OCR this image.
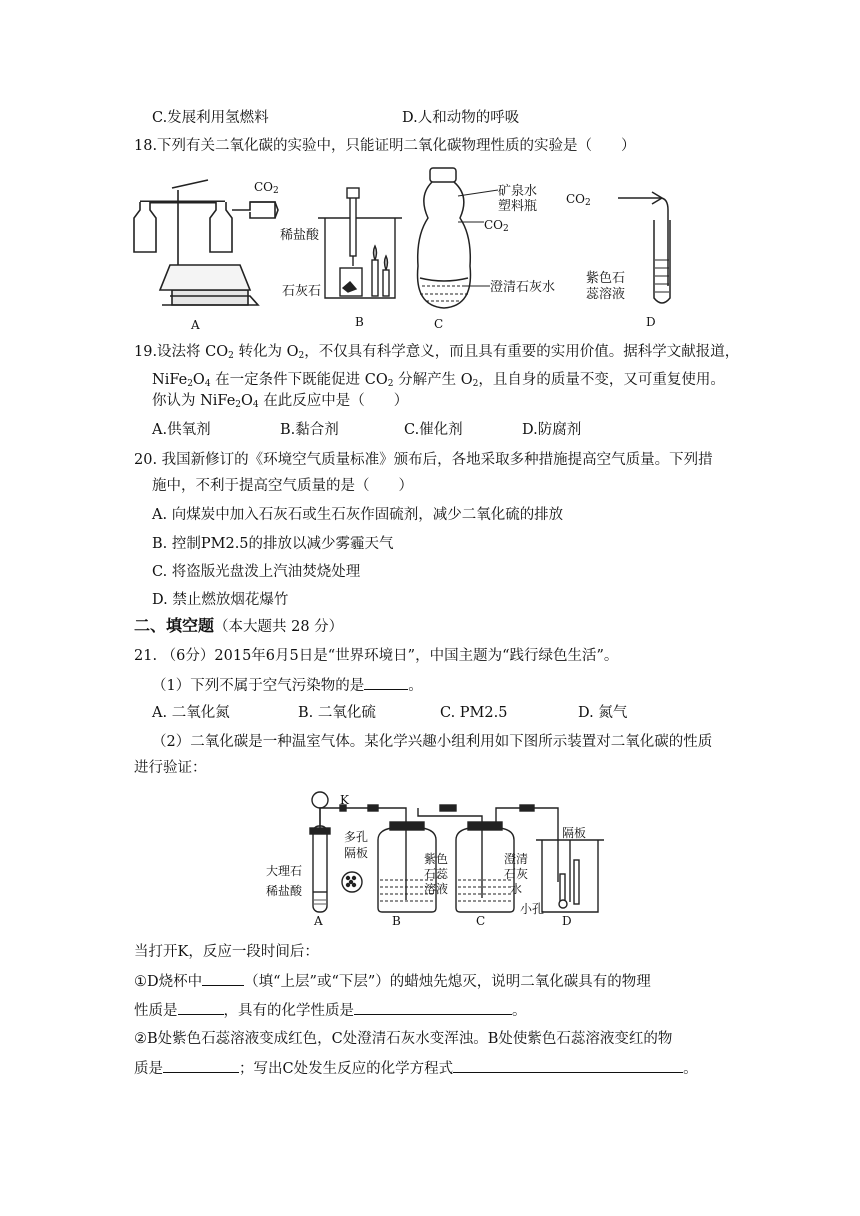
C.发展利用氢燃料	D.人和动物的呼吸
18.下列有关二氧化碳的实验中，只能证明二氧化碳物理性质的实验是（　　）
$CO_2$
A
稀盐酸
石灰石
B
矿泉水
塑料瓶
$CO_2$
澄清石灰水
C
$CO_2$
紫色石
蕊溶液
D
19.设法将 $CO_2$ 转化为 $O_2$，不仅具有科学意义，而且具有重要的实用价值。据科学文献报道，
$NiFe_2O_4$ 在一定条件下既能促进 $CO_2$ 分解产生 $O_2$，且自身的质量不变，又可重复使用。
你认为 $NiFe_2O_4$ 在此反应中是（　　）
A.供氧剂	B.黏合剂	C.催化剂	D.防腐剂
20. 我国新修订的《环境空气质量标准》颁布后，各地采取多种措施提高空气质量。下列措
施中，不利于提高空气质量的是（　　）
A. 向煤炭中加入石灰石或生石灰作固硫剂，减少二氧化硫的排放
B. 控制PM2.5的排放以减少雾霾天气
C. 将盗版光盘泼上汽油焚烧处理
D. 禁止燃放烟花爆竹
二、填空题（本大题共 28 分）
21. （6分）2015年6月5日是“世界环境日”，中国主题为“践行绿色生活”。
（1）下列不属于空气污染物的是	。
A. 二氧化氮	B. 二氧化硫	C. PM2.5	D. 氮气
（2）二氧化碳是一种温室气体。某化学兴趣小组利用如下图所示装置对二氧化碳的性质
进行验证：
K
多孔
隔板
大理石
稀盐酸
紫色
石蕊
溶液
澄清
石灰
水
隔板
小孔
A	B	C	D
当打开K，反应一段时间后：
①D烧杯中	（填“上层”或“下层”）的蜡烛先熄灭，说明二氧化碳具有的物理
性质是	，具有的化学性质是	。
②B处紫色石蕊溶液变成红色，C处澄清石灰水变浑浊。B处使紫色石蕊溶液变红的物
质是	；写出C处发生反应的化学方程式	。
